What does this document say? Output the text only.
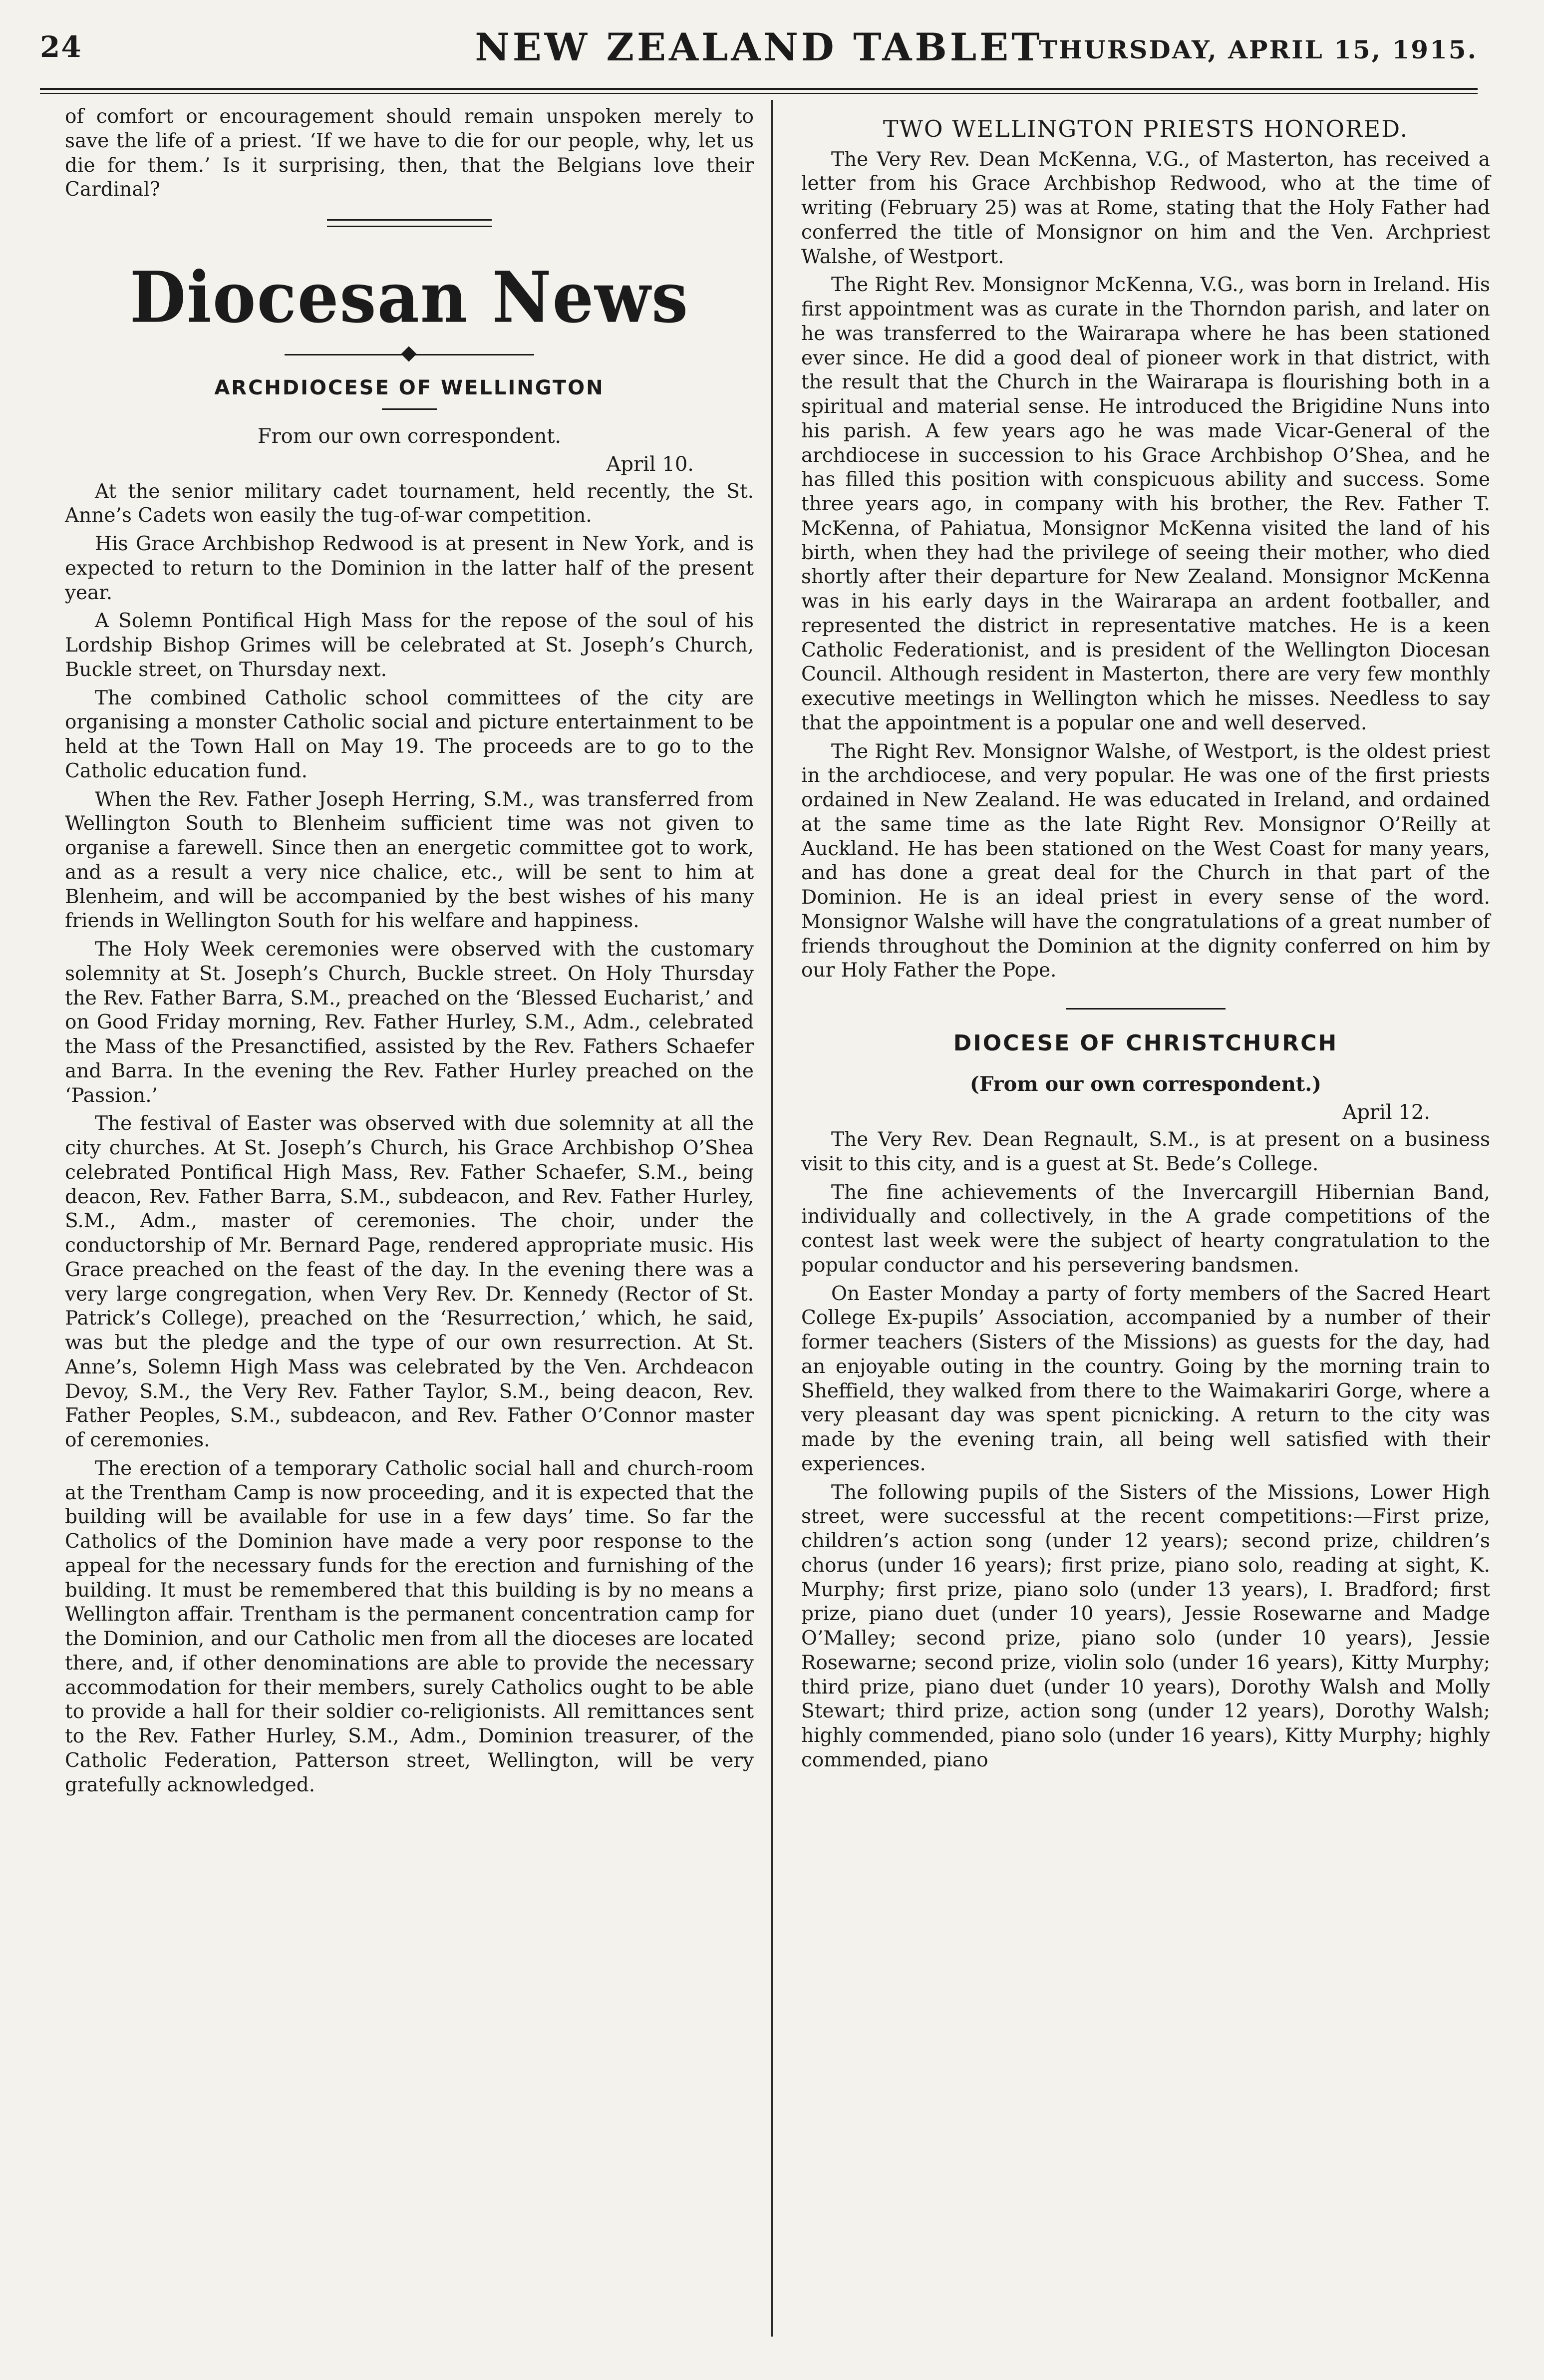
24	NEW ZEALAND TABLET
THURSDAY, APRIL 15, 1915.

of comfort or encouragement should remain unspoken merely to save the life of a priest. ‘If we have to die for our people, why, let us die for them.’ Is it surprising, then, that the Belgians love their Cardinal?

Diocesan News
ARCHDIOCESE OF WELLINGTON
From our own correspondent.
April 10.

At the senior military cadet tournament, held recently, the St. Anne’s Cadets won easily the tug-of-war competition.

His Grace Archbishop Redwood is at present in New York, and is expected to return to the Dominion in the latter half of the present year.

A Solemn Pontifical High Mass for the repose of the soul of his Lordship Bishop Grimes will be celebrated at St. Joseph’s Church, Buckle street, on Thursday next.

The combined Catholic school committees of the city are organising a monster Catholic social and picture entertainment to be held at the Town Hall on May 19. The proceeds are to go to the Catholic education fund.

When the Rev. Father Joseph Herring, S.M., was transferred from Wellington South to Blenheim sufficient time was not given to organise a farewell. Since then an energetic committee got to work, and as a result a very nice chalice, etc., will be sent to him at Blenheim, and will be accompanied by the best wishes of his many friends in Wellington South for his welfare and happiness.

The Holy Week ceremonies were observed with the customary solemnity at St. Joseph’s Church, Buckle street. On Holy Thursday the Rev. Father Barra, S.M., preached on the ‘Blessed Eucharist,’ and on Good Friday morning, Rev. Father Hurley, S.M., Adm., celebrated the Mass of the Presanctified, assisted by the Rev. Fathers Schaefer and Barra. In the evening the Rev. Father Hurley preached on the ‘Passion.’

The festival of Easter was observed with due solemnity at all the city churches. At St. Joseph’s Church, his Grace Archbishop O’Shea celebrated Pontifical High Mass, Rev. Father Schaefer, S.M., being deacon, Rev. Father Barra, S.M., subdeacon, and Rev. Father Hurley, S.M., Adm., master of ceremonies. The choir, under the conductorship of Mr. Bernard Page, rendered appropriate music. His Grace preached on the feast of the day. In the evening there was a very large congregation, when Very Rev. Dr. Kennedy (Rector of St. Patrick’s College), preached on the ‘Resurrection,’ which, he said, was but the pledge and the type of our own resurrection. At St. Anne’s, Solemn High Mass was celebrated by the Ven. Archdeacon Devoy, S.M., the Very Rev. Father Taylor, S.M., being deacon, Rev. Father Peoples, S.M., subdeacon, and Rev. Father O’Connor master of ceremonies.

The erection of a temporary Catholic social hall and church-room at the Trentham Camp is now proceeding, and it is expected that the building will be available for use in a few days’ time. So far the Catholics of the Dominion have made a very poor response to the appeal for the necessary funds for the erection and furnishing of the building. It must be remembered that this building is by no means a Wellington affair. Trentham is the permanent concentration camp for the Dominion, and our Catholic men from all the dioceses are located there, and, if other denominations are able to provide the necessary accommodation for their members, surely Catholics ought to be able to provide a hall for their soldier co-religionists. All remittances sent to the Rev. Father Hurley, S.M., Adm., Dominion treasurer, of the Catholic Federation, Patterson street, Wellington, will be very gratefully acknowledged.

TWO WELLINGTON PRIESTS HONORED.

The Very Rev. Dean McKenna, V.G., of Masterton, has received a letter from his Grace Archbishop Redwood, who at the time of writing (February 25) was at Rome, stating that the Holy Father had conferred the title of Monsignor on him and the Ven. Archpriest Walshe, of Westport.

The Right Rev. Monsignor McKenna, V.G., was born in Ireland. His first appointment was as curate in the Thorndon parish, and later on he was transferred to the Wairarapa where he has been stationed ever since. He did a good deal of pioneer work in that district, with the result that the Church in the Wairarapa is flourishing both in a spiritual and material sense. He introduced the Brigidine Nuns into his parish. A few years ago he was made Vicar-General of the archdiocese in succession to his Grace Archbishop O’Shea, and he has filled this position with conspicuous ability and success. Some three years ago, in company with his brother, the Rev. Father T. McKenna, of Pahiatua, Monsignor McKenna visited the land of his birth, when they had the privilege of seeing their mother, who died shortly after their departure for New Zealand. Monsignor McKenna was in his early days in the Wairarapa an ardent footballer, and represented the district in representative matches. He is a keen Catholic Federationist, and is president of the Wellington Diocesan Council. Although resident in Masterton, there are very few monthly executive meetings in Wellington which he misses. Needless to say that the appointment is a popular one and well deserved.

The Right Rev. Monsignor Walshe, of Westport, is the oldest priest in the archdiocese, and very popular. He was one of the first priests ordained in New Zealand. He was educated in Ireland, and ordained at the same time as the late Right Rev. Monsignor O’Reilly at Auckland. He has been stationed on the West Coast for many years, and has done a great deal for the Church in that part of the Dominion. He is an ideal priest in every sense of the word. Monsignor Walshe will have the congratulations of a great number of friends throughout the Dominion at the dignity conferred on him by our Holy Father the Pope.

DIOCESE OF CHRISTCHURCH
(From our own correspondent.)
April 12.

The Very Rev. Dean Regnault, S.M., is at present on a business visit to this city, and is a guest at St. Bede’s College.

The fine achievements of the Invercargill Hibernian Band, individually and collectively, in the A grade competitions of the contest last week were the subject of hearty congratulation to the popular conductor and his persevering bandsmen.

On Easter Monday a party of forty members of the Sacred Heart College Ex-pupils’ Association, accompanied by a number of their former teachers (Sisters of the Missions) as guests for the day, had an enjoyable outing in the country. Going by the morning train to Sheffield, they walked from there to the Waimakariri Gorge, where a very pleasant day was spent picnicking. A return to the city was made by the evening train, all being well satisfied with their experiences.

The following pupils of the Sisters of the Missions, Lower High street, were successful at the recent competitions:—First prize, children’s action song (under 12 years); second prize, children’s chorus (under 16 years); first prize, piano solo, reading at sight, K. Murphy; first prize, piano solo (under 13 years), I. Bradford; first prize, piano duet (under 10 years), Jessie Rosewarne and Madge O’Malley; second prize, piano solo (under 10 years), Jessie Rosewarne; second prize, violin solo (under 16 years), Kitty Murphy; third prize, piano duet (under 10 years), Dorothy Walsh and Molly Stewart; third prize, action song (under 12 years), Dorothy Walsh; highly commended, piano solo (under 16 years), Kitty Murphy; highly commended, piano
